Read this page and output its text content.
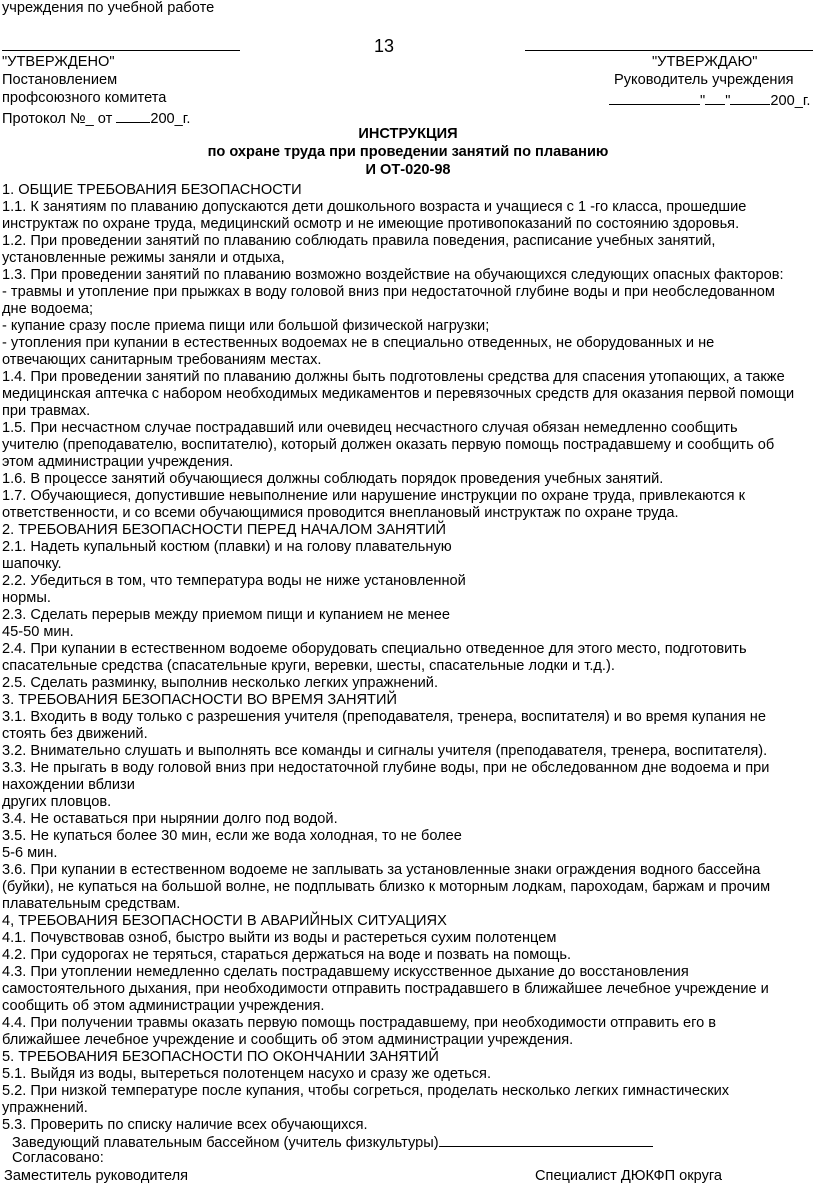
учреждения по учебной работе
13
"УТВЕРЖДЕНО"
Постановлением
профсоюзного комитета
Протокол №_ от 200_г.
"УТВЕРЖДАЮ"
Руководитель учреждения
" "	200_г.
ИНСТРУКЦИЯ
по охране труда при проведении занятий по плаванию
И ОТ-020-98

1. ОБЩИЕ ТРЕБОВАНИЯ БЕЗОПАСНОСТИ

1.1. К занятиям по плаванию допускаются дети дошкольного возраста и учащиеся с 1 -го класса, прошедшие

инструктаж по охране труда, медицинский осмотр и не имеющие противопоказаний по состоянию здоровья.

1.2. При проведении занятий по плаванию соблюдать правила поведения, расписание учебных занятий,

установленные режимы заняли и отдыха,

1.3. При проведении занятий по плаванию возможно воздействие на обучающихся следующих опасных факторов:

- травмы и утопление при прыжках в воду головой вниз при недостаточной глубине воды и при необследованном

дне водоема;

- купание сразу после приема пищи или большой физической нагрузки;

- утопления при купании в естественных водоемах не в специально отведенных, не оборудованных и не

отвечающих санитарным требованиям местах.

1.4. При проведении занятий по плаванию должны быть подготовлены средства для спасения утопающих, а также

медицинская аптечка с набором необходимых медикаментов и перевязочных средств для оказания первой помощи

при травмах.

1.5. При несчастном случае пострадавший или очевидец несчастного случая обязан немедленно сообщить

учителю (преподавателю, воспитателю), который должен оказать первую помощь пострадавшему и сообщить об

этом администрации учреждения.

1.6. В процессе занятий обучающиеся должны соблюдать порядок проведения учебных занятий.

1.7. Обучающиеся, допустившие невыполнение или нарушение инструкции по охране труда, привлекаются к

ответственности, и со всеми обучающимися проводится внеплановый инструктаж по охране труда.

2. ТРЕБОВАНИЯ БЕЗОПАСНОСТИ ПЕРЕД НАЧАЛОМ ЗАНЯТИЙ

2.1. Надеть купальный костюм (плавки) и на голову плавательную

шапочку.

2.2. Убедиться в том, что температура воды не ниже установленной

нормы.

2.3. Сделать перерыв между приемом пищи и купанием не менее

45-50 мин.

2.4. При купании в естественном водоеме оборудовать специально отведенное для этого место, подготовить

спасательные средства (спасательные круги, веревки, шесты, спасательные лодки и т.д.).

2.5. Сделать разминку, выполнив несколько легких упражнений.

3. ТРЕБОВАНИЯ БЕЗОПАСНОСТИ ВО ВРЕМЯ ЗАНЯТИЙ

3.1. Входить в воду только с разрешения учителя (преподавателя, тренера, воспитателя) и во время купания не

стоять без движений.

3.2. Внимательно слушать и выполнять все команды и сигналы учителя (преподавателя, тренера, воспитателя).

3.3. Не прыгать в воду головой вниз при недостаточной глубине воды, при не обследованном дне водоема и при

нахождении вблизи

других пловцов.

3.4. Не оставаться при нырянии долго под водой.

3.5. Не купаться более 30 мин, если же вода холодная, то не более

5-6 мин.

3.6. При купании в естественном водоеме не заплывать за установленные знаки ограждения водного бассейна

(буйки), не купаться на большой волне, не подплывать близко к моторным лодкам, пароходам, баржам и прочим

плавательным средствам.

4, ТРЕБОВАНИЯ БЕЗОПАСНОСТИ В АВАРИЙНЫХ СИТУАЦИЯХ

4.1. Почувствовав озноб, быстро выйти из воды и растереться сухим полотенцем

4.2. При судорогах не теряться, стараться держаться на воде и позвать на помощь.

4.3. При утоплении немедленно сделать пострадавшему искусственное дыхание до восстановления

самостоятельного дыхания, при необходимости отправить пострадавшего в ближайшее лечебное учреждение и

сообщить об этом администрации учреждения.

4.4. При получении травмы оказать первую помощь пострадавшему, при необходимости отправить его в

ближайшее лечебное учреждение и сообщить об этом администрации учреждения.

5. ТРЕБОВАНИЯ БЕЗОПАСНОСТИ ПО ОКОНЧАНИИ ЗАНЯТИЙ

5.1. Выйдя из воды, вытереться полотенцем насухо и сразу же одеться.

5.2. При низкой температуре после купания, чтобы согреться, проделать несколько легких гимнастических

упражнений.

5.3. Проверить по списку наличие всех обучающихся.

Заведующий плавательным бассейном (учитель физкультуры)
Согласовано:
Заместитель руководителя	Специалист ДЮКФП округа
